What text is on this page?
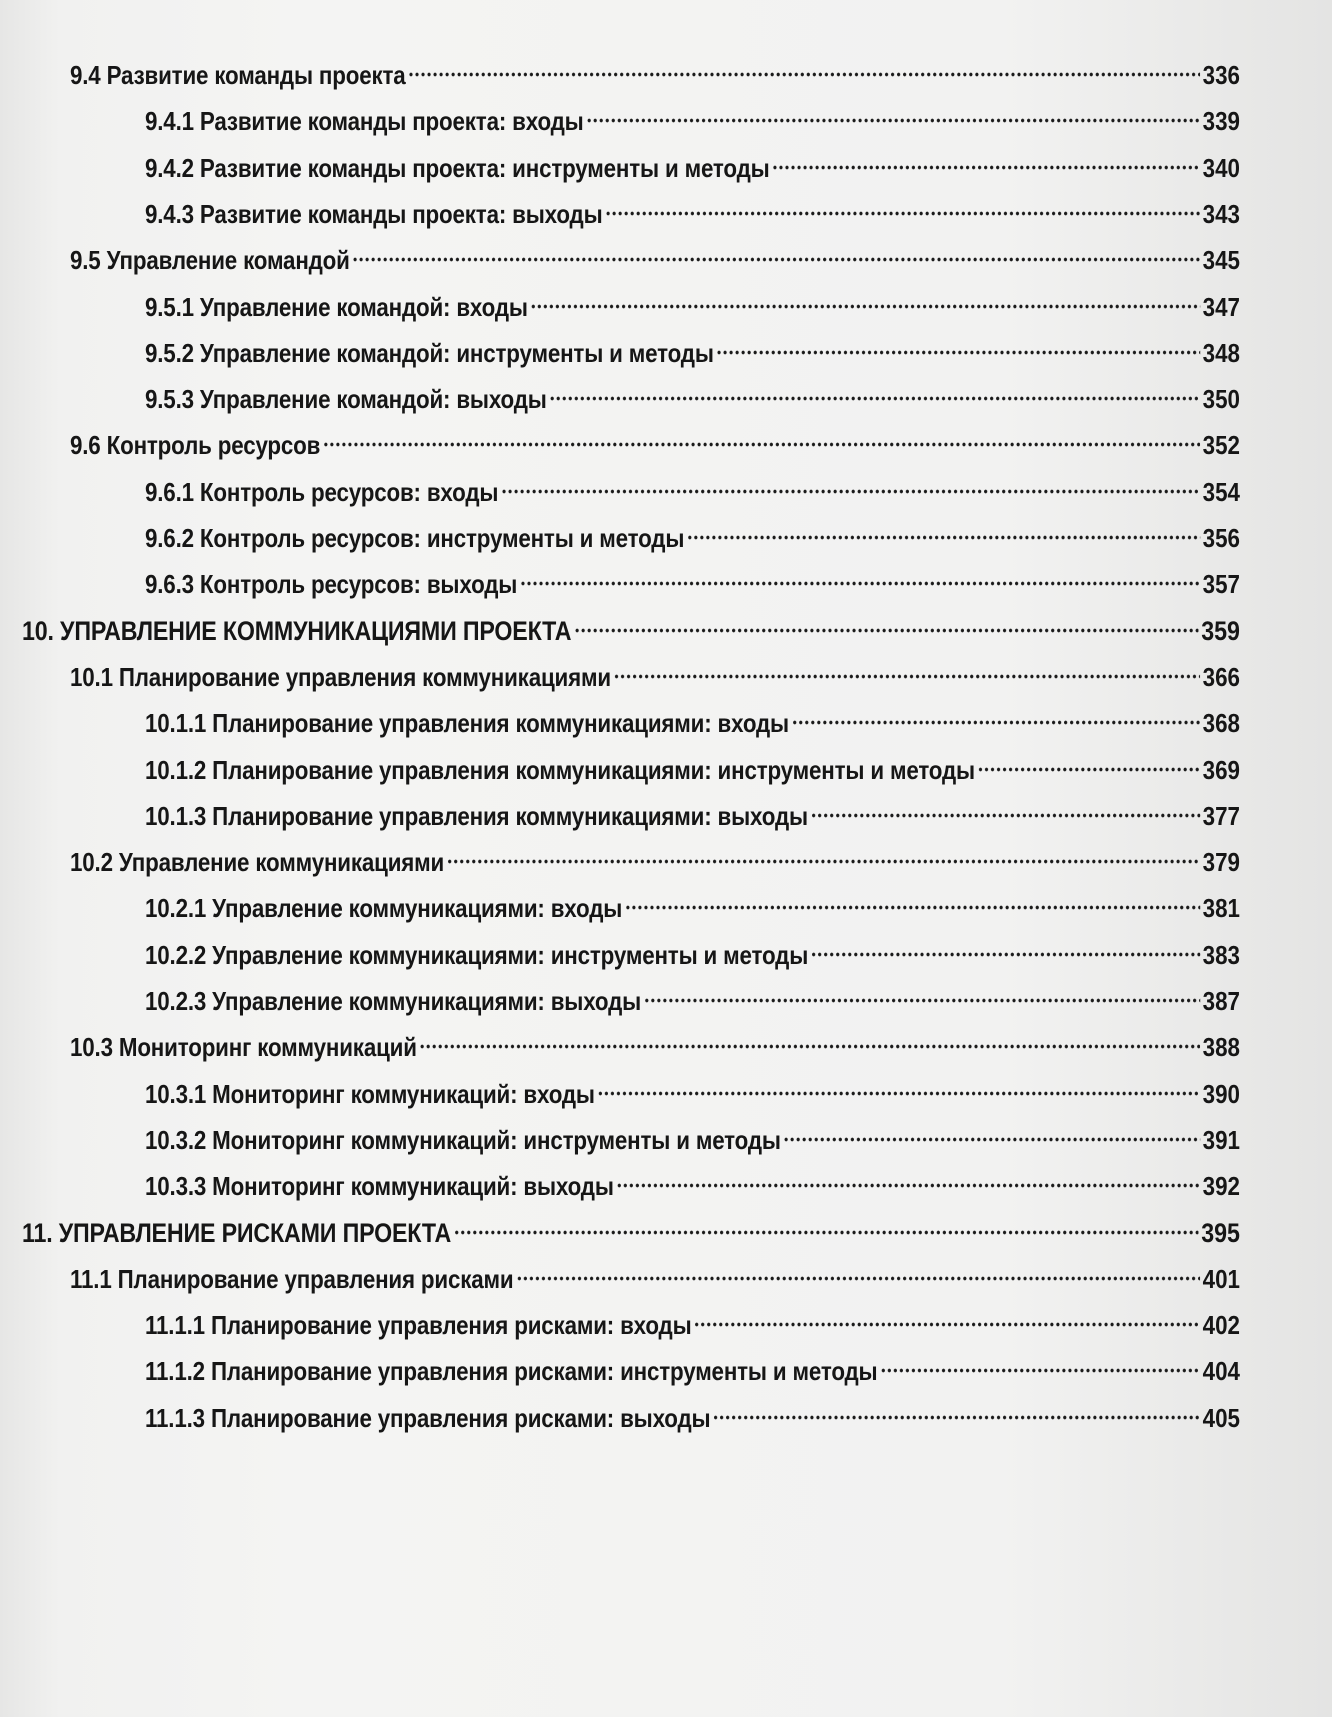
9.4 Развитие команды проекта	336
9.4.1 Развитие команды проекта: входы	339
9.4.2 Развитие команды проекта: инструменты и методы	340
9.4.3 Развитие команды проекта: выходы	343
9.5 Управление командой	345
9.5.1 Управление командой: входы	347
9.5.2 Управление командой: инструменты и методы	348
9.5.3 Управление командой: выходы	350
9.6 Контроль ресурсов	352
9.6.1 Контроль ресурсов: входы	354
9.6.2 Контроль ресурсов: инструменты и методы	356
9.6.3 Контроль ресурсов: выходы	357
10. УПРАВЛЕНИЕ КОММУНИКАЦИЯМИ ПРОЕКТА	359
10.1 Планирование управления коммуникациями	366
10.1.1 Планирование управления коммуникациями: входы	368
10.1.2 Планирование управления коммуникациями: инструменты и методы	369
10.1.3 Планирование управления коммуникациями: выходы	377
10.2 Управление коммуникациями	379
10.2.1 Управление коммуникациями: входы	381
10.2.2 Управление коммуникациями: инструменты и методы	383
10.2.3 Управление коммуникациями: выходы	387
10.3 Мониторинг коммуникаций	388
10.3.1 Мониторинг коммуникаций: входы	390
10.3.2 Мониторинг коммуникаций: инструменты и методы	391
10.3.3 Мониторинг коммуникаций: выходы	392
11. УПРАВЛЕНИЕ РИСКАМИ ПРОЕКТА	395
11.1 Планирование управления рисками	401
11.1.1 Планирование управления рисками: входы	402
11.1.2 Планирование управления рисками: инструменты и методы	404
11.1.3 Планирование управления рисками: выходы	405
